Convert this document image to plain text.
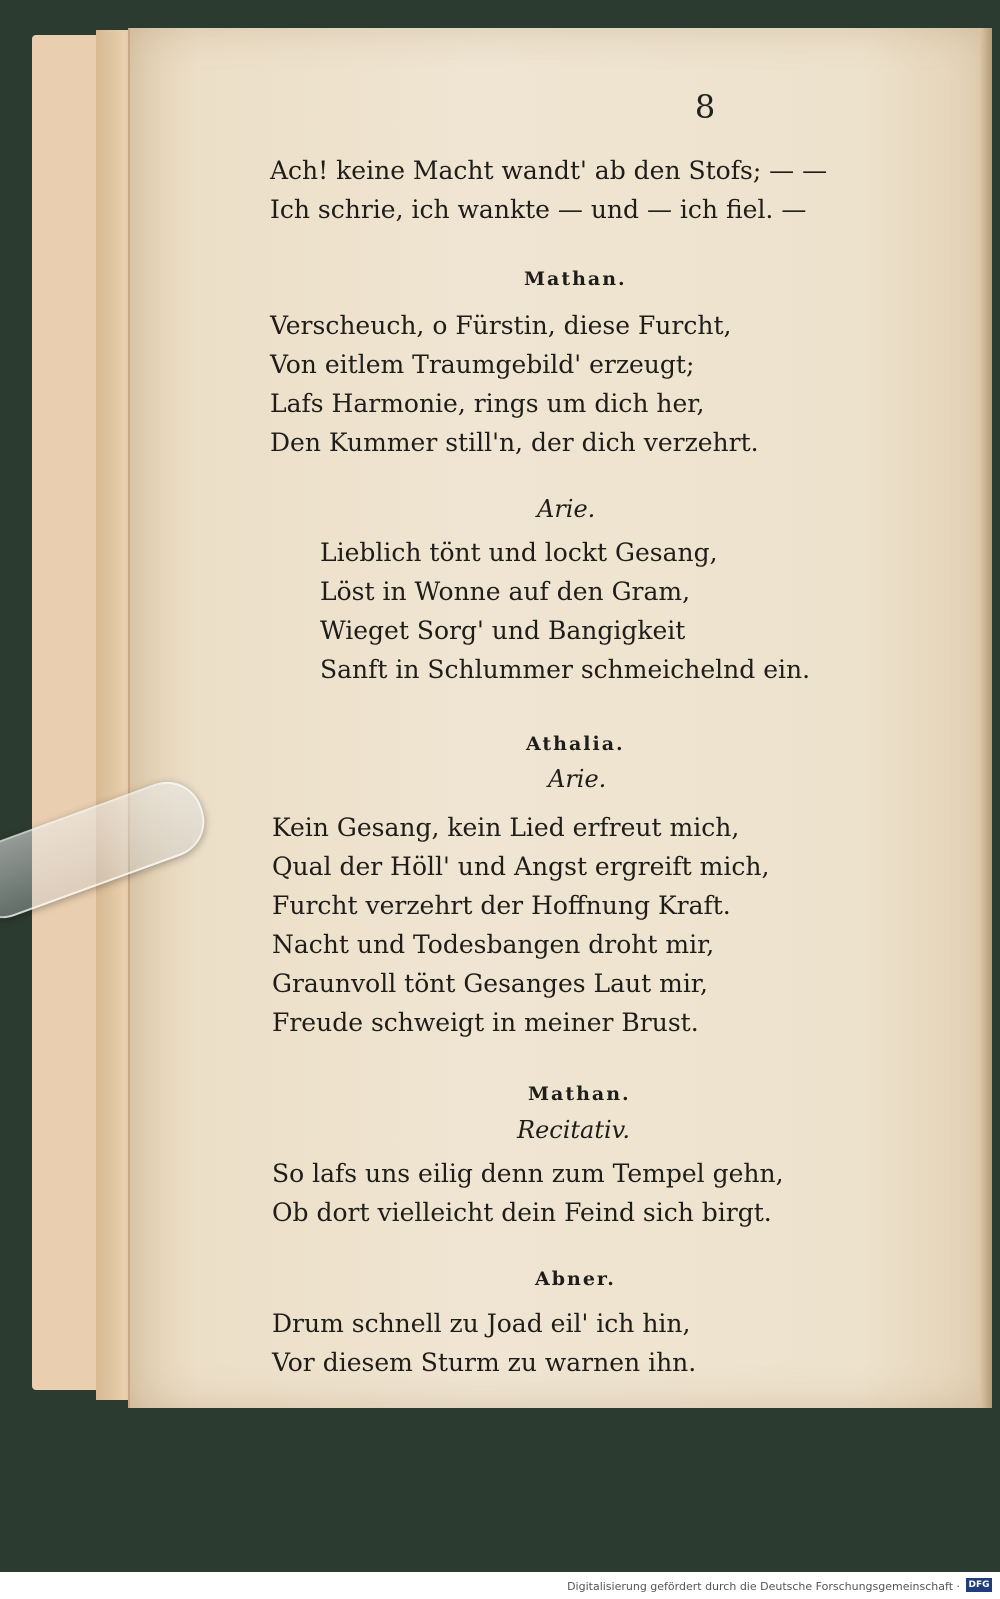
8
Ach! keine Macht wandt' ab den Stofs; — —
Ich schrie, ich wankte — und — ich fiel. —
Mathan.
Verscheuch, o Fürstin, diese Furcht,
Von eitlem Traumgebild' erzeugt;
Lafs Harmonie, rings um dich her,
Den Kummer still'n, der dich verzehrt.
Arie.
Lieblich tönt und lockt Gesang,
Löst in Wonne auf den Gram,
Wieget Sorg' und Bangigkeit
Sanft in Schlummer schmeichelnd ein.
Athalia.
Arie.
Kein Gesang, kein Lied erfreut mich,
Qual der Höll' und Angst ergreift mich,
Furcht verzehrt der Hoffnung Kraft.
Nacht und Todesbangen droht mir,
Graunvoll tönt Gesanges Laut mir,
Freude schweigt in meiner Brust.
Mathan.
Recitativ.
So lafs uns eilig denn zum Tempel gehn,
Ob dort vielleicht dein Feind sich birgt.
Abner.
Drum schnell zu Joad eil' ich hin,
Vor diesem Sturm zu warnen ihn.
Digitalisierung gefördert durch die Deutsche Forschungsgemeinschaft · DFG
